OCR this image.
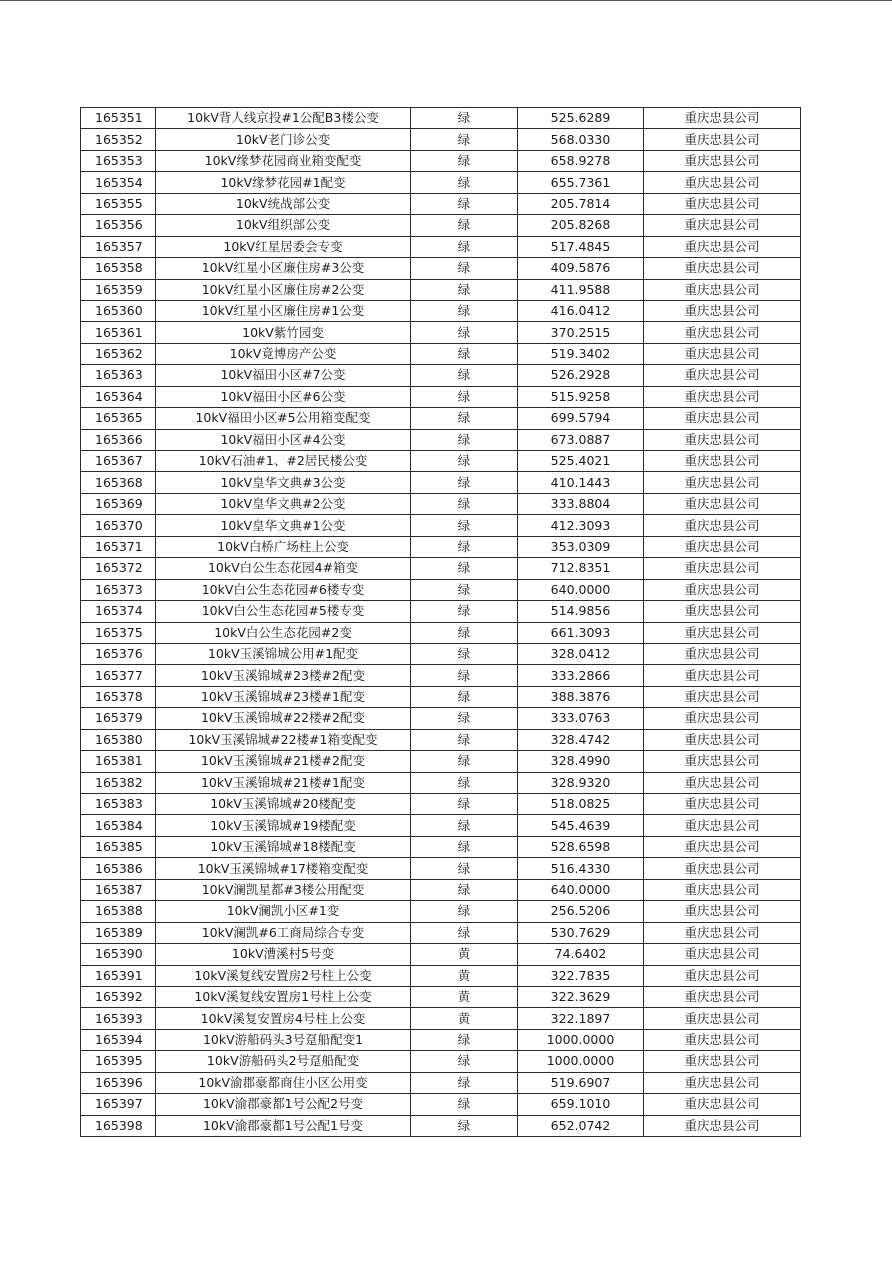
165351	10kV背人线京投#1公配B3楼公变	绿	525.6289	重庆忠县公司
165352	10kV老门诊公变	绿	568.0330	重庆忠县公司
165353	10kV缘梦花园商业箱变配变	绿	658.9278	重庆忠县公司
165354	10kV缘梦花园#1配变	绿	655.7361	重庆忠县公司
165355	10kV统战部公变	绿	205.7814	重庆忠县公司
165356	10kV组织部公变	绿	205.8268	重庆忠县公司
165357	10kV红星居委会专变	绿	517.4845	重庆忠县公司
165358	10kV红星小区廉住房#3公变	绿	409.5876	重庆忠县公司
165359	10kV红星小区廉住房#2公变	绿	411.9588	重庆忠县公司
165360	10kV红星小区廉住房#1公变	绿	416.0412	重庆忠县公司
165361	10kV紫竹园变	绿	370.2515	重庆忠县公司
165362	10kV竟博房产公变	绿	519.3402	重庆忠县公司
165363	10kV福田小区#7公变	绿	526.2928	重庆忠县公司
165364	10kV福田小区#6公变	绿	515.9258	重庆忠县公司
165365	10kV福田小区#5公用箱变配变	绿	699.5794	重庆忠县公司
165366	10kV福田小区#4公变	绿	673.0887	重庆忠县公司
165367	10kV石油#1、#2居民楼公变	绿	525.4021	重庆忠县公司
165368	10kV皇华文典#3公变	绿	410.1443	重庆忠县公司
165369	10kV皇华文典#2公变	绿	333.8804	重庆忠县公司
165370	10kV皇华文典#1公变	绿	412.3093	重庆忠县公司
165371	10kV白桥广场柱上公变	绿	353.0309	重庆忠县公司
165372	10kV白公生态花园4#箱变	绿	712.8351	重庆忠县公司
165373	10kV白公生态花园#6楼专变	绿	640.0000	重庆忠县公司
165374	10kV白公生态花园#5楼专变	绿	514.9856	重庆忠县公司
165375	10kV白公生态花园#2变	绿	661.3093	重庆忠县公司
165376	10kV玉溪锦城公用#1配变	绿	328.0412	重庆忠县公司
165377	10kV玉溪锦城#23楼#2配变	绿	333.2866	重庆忠县公司
165378	10kV玉溪锦城#23楼#1配变	绿	388.3876	重庆忠县公司
165379	10kV玉溪锦城#22楼#2配变	绿	333.0763	重庆忠县公司
165380	10kV玉溪锦城#22楼#1箱变配变	绿	328.4742	重庆忠县公司
165381	10kV玉溪锦城#21楼#2配变	绿	328.4990	重庆忠县公司
165382	10kV玉溪锦城#21楼#1配变	绿	328.9320	重庆忠县公司
165383	10kV玉溪锦城#20楼配变	绿	518.0825	重庆忠县公司
165384	10kV玉溪锦城#19楼配变	绿	545.4639	重庆忠县公司
165385	10kV玉溪锦城#18楼配变	绿	528.6598	重庆忠县公司
165386	10kV玉溪锦城#17楼箱变配变	绿	516.4330	重庆忠县公司
165387	10kV澜凯星都#3楼公用配变	绿	640.0000	重庆忠县公司
165388	10kV澜凯小区#1变	绿	256.5206	重庆忠县公司
165389	10kV澜凯#6工商局综合专变	绿	530.7629	重庆忠县公司
165390	10kV漕溪村5号变	黄	74.6402	重庆忠县公司
165391	10kV溪复线安置房2号柱上公变	黄	322.7835	重庆忠县公司
165392	10kV溪复线安置房1号柱上公变	黄	322.3629	重庆忠县公司
165393	10kV溪复安置房4号柱上公变	黄	322.1897	重庆忠县公司
165394	10kV游船码头3号趸船配变1	绿	1000.0000	重庆忠县公司
165395	10kV游船码头2号趸船配变	绿	1000.0000	重庆忠县公司
165396	10kV渝郡豪都商住小区公用变	绿	519.6907	重庆忠县公司
165397	10kV渝郡豪都1号公配2号变	绿	659.1010	重庆忠县公司
165398	10kV渝郡豪都1号公配1号变	绿	652.0742	重庆忠县公司
